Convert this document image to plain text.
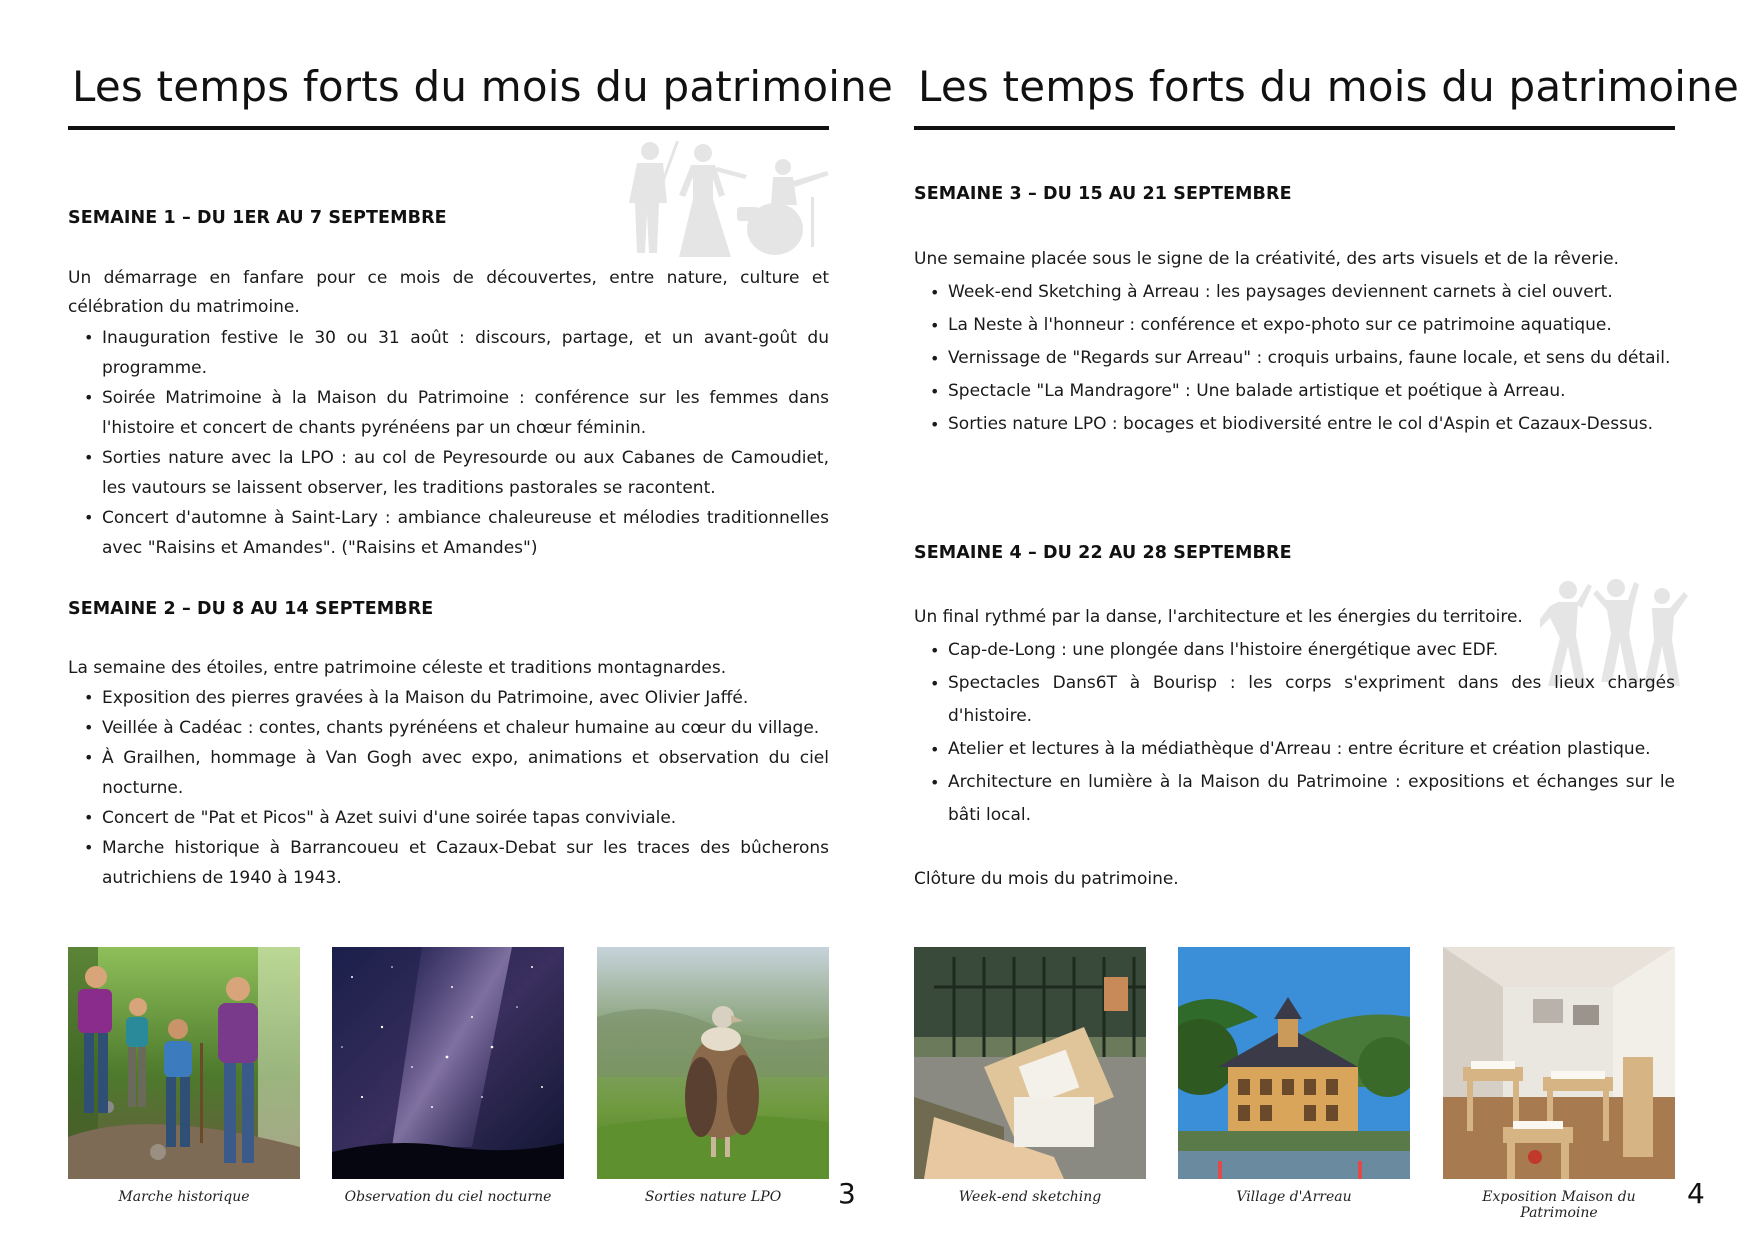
Les temps forts du mois du patrimoine
SEMAINE 1 – DU 1ER AU 7 SEPTEMBRE

Un démarrage en fanfare pour ce mois de découvertes, entre nature, culture et célébration du matrimoine.

• Inauguration festive le 30 ou 31 août : discours, partage, et un avant-goût du programme.
• Soirée Matrimoine à la Maison du Patrimoine : conférence sur les femmes dans l'histoire et concert de chants pyrénéens par un chœur féminin.
• Sorties nature avec la LPO : au col de Peyresourde ou aux Cabanes de Camoudiet, les vautours se laissent observer, les traditions pastorales se racontent.
• Concert d'automne à Saint-Lary : ambiance chaleureuse et mélodies traditionnelles avec "Raisins et Amandes". ("Raisins et Amandes")
SEMAINE 2 – DU 8 AU 14 SEPTEMBRE

La semaine des étoiles, entre patrimoine céleste et traditions montagnardes.

• Exposition des pierres gravées à la Maison du Patrimoine, avec Olivier Jaffé.
• Veillée à Cadéac : contes, chants pyrénéens et chaleur humaine au cœur du village.
• À Grailhen, hommage à Van Gogh avec expo, animations et observation du ciel nocturne.
• Concert de "Pat et Picos" à Azet suivi d'une soirée tapas conviviale.
• Marche historique à Barrancoueu et Cazaux-Debat sur les traces des bûcherons autrichiens de 1940 à 1943.
Marche historique	Observation du ciel nocturne	Sorties nature LPO	3
Les temps forts du mois du patrimoine
SEMAINE 3 – DU 15 AU 21 SEPTEMBRE

Une semaine placée sous le signe de la créativité, des arts visuels et de la rêverie.

• Week-end Sketching à Arreau : les paysages deviennent carnets à ciel ouvert.
• La Neste à l'honneur : conférence et expo-photo sur ce patrimoine aquatique.
• Vernissage de "Regards sur Arreau" : croquis urbains, faune locale, et sens du détail.
• Spectacle "La Mandragore" : Une balade artistique et poétique à Arreau.
• Sorties nature LPO : bocages et biodiversité entre le col d'Aspin et Cazaux-Dessus.
SEMAINE 4 – DU 22 AU 28 SEPTEMBRE

Un final rythmé par la danse, l'architecture et les énergies du territoire.

• Cap-de-Long : une plongée dans l'histoire énergétique avec EDF.
• Spectacles Dans6T à Bourisp : les corps s'expriment dans des lieux chargés d'histoire.
• Atelier et lectures à la médiathèque d'Arreau : entre écriture et création plastique.
• Architecture en lumière à la Maison du Patrimoine : expositions et échanges sur le bâti local.

Clôture du mois du patrimoine.

Week-end sketching	Village d'Arreau	Exposition Maison du Patrimoine
4
